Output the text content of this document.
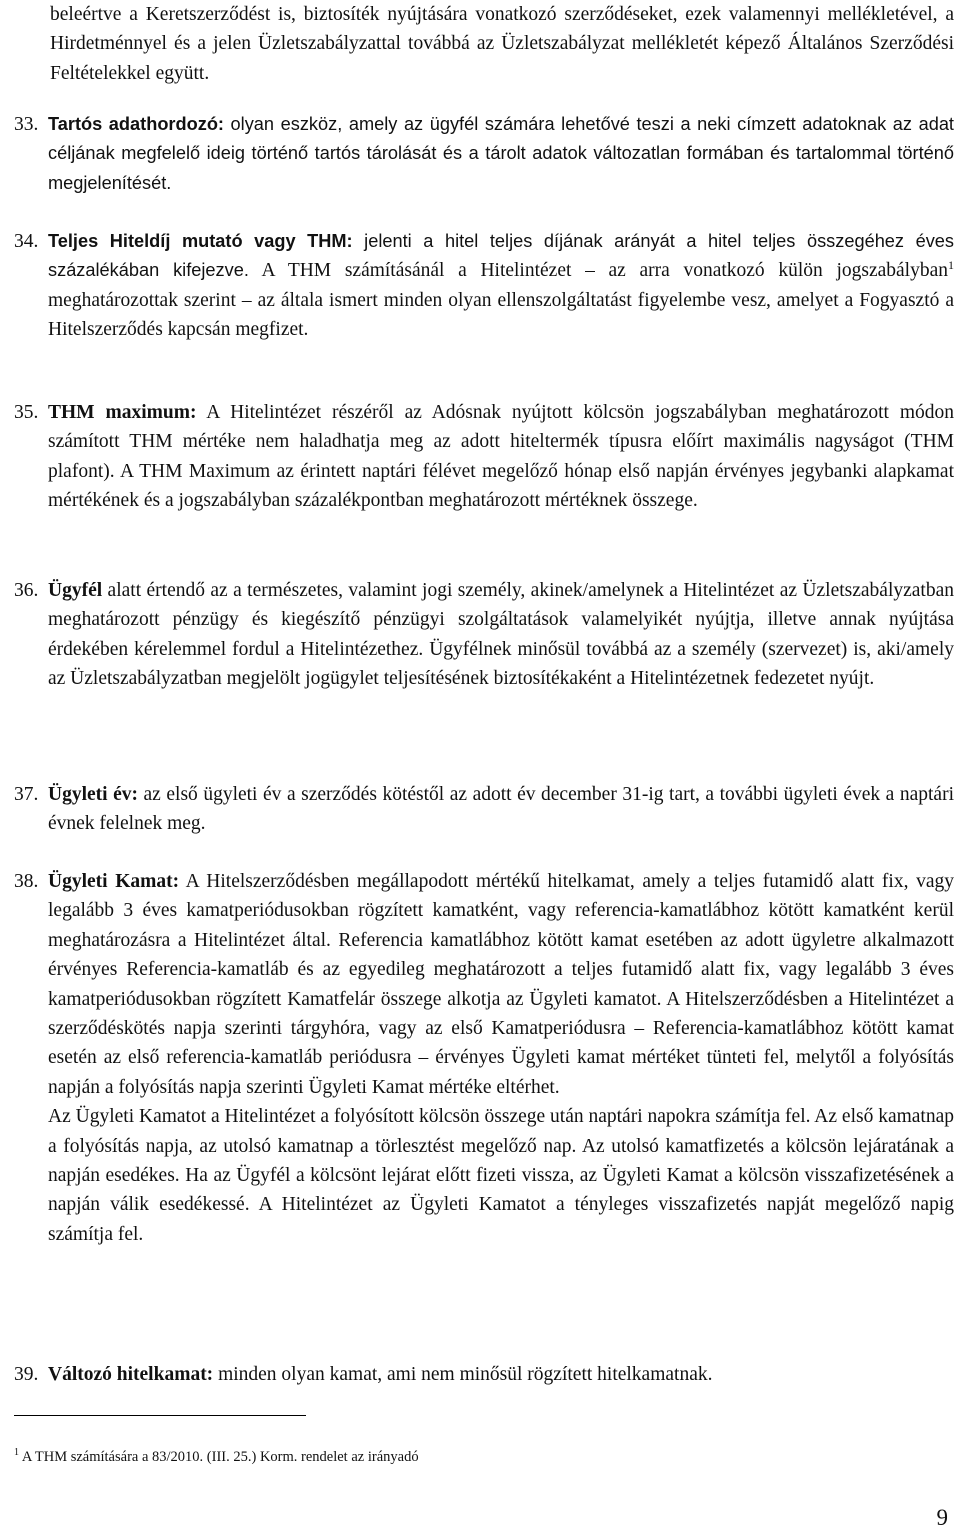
beleértve a Keretszerződést is, biztosíték nyújtására vonatkozó szerződéseket, ezek valamennyi mellékletével, a Hirdetménnyel és a jelen Üzletszabályzattal továbbá az Üzletszabályzat mellékletét képező Általános Szerződési Feltételekkel együtt.

33. Tartós adathordozó: olyan eszköz, amely az ügyfél számára lehetővé teszi a neki címzett adatoknak az adat céljának megfelelő ideig történő tartós tárolását és a tárolt adatok változatlan formában és tartalommal történő megjelenítését.

34. Teljes Hiteldíj mutató vagy THM: jelenti a hitel teljes díjának arányát a hitel teljes összegéhez éves százalékában kifejezve. A THM számításánál a Hitelintézet – az arra vonatkozó külön jogszabályban$^1$ meghatározottak szerint – az általa ismert minden olyan ellenszolgáltatást figyelembe vesz, amelyet a Fogyasztó a Hitelszerződés kapcsán megfizet.

35. THM maximum: A Hitelintézet részéről az Adósnak nyújtott kölcsön jogszabályban meghatározott módon számított THM mértéke nem haladhatja meg az adott hiteltermék típusra előírt maximális nagyságot (THM plafont). A THM Maximum az érintett naptári félévet megelőző hónap első napján érvényes jegybanki alapkamat mértékének és a jogszabályban százalékpontban meghatározott mértéknek összege.

36. Ügyfél alatt értendő az a természetes, valamint jogi személy, akinek/amelynek a Hitelintézet az Üzletszabályzatban meghatározott pénzügy és kiegészítő pénzügyi szolgáltatások valamelyikét nyújtja, illetve annak nyújtása érdekében kérelemmel fordul a Hitelintézethez. Ügyfélnek minősül továbbá az a személy (szervezet) is, aki/amely az Üzletszabályzatban megjelölt jogügylet teljesítésének biztosítékaként a Hitelintézetnek fedezetet nyújt.

37. Ügyleti év: az első ügyleti év a szerződés kötéstől az adott év december 31-ig tart, a további ügyleti évek a naptári évnek felelnek meg.

38. Ügyleti Kamat: A Hitelszerződésben megállapodott mértékű hitelkamat, amely a teljes futamidő alatt fix, vagy legalább 3 éves kamatperiódusokban rögzített kamatként, vagy referencia-kamatlábhoz kötött kamatként kerül meghatározásra a Hitelintézet által. Referencia kamatlábhoz kötött kamat esetében az adott ügyletre alkalmazott érvényes Referencia-kamatláb és az egyedileg meghatározott a teljes futamidő alatt fix, vagy legalább 3 éves kamatperiódusokban rögzített Kamatfelár összege alkotja az Ügyleti kamatot. A Hitelszerződésben a Hitelintézet a szerződéskötés napja szerinti tárgyhóra, vagy az első Kamatperiódusra – Referencia-kamatlábhoz kötött kamat esetén az első referencia-kamatláb periódusra – érvényes Ügyleti kamat mértéket tünteti fel, melytől a folyósítás napján a folyósítás napja szerinti Ügyleti Kamat mértéke eltérhet.

Az Ügyleti Kamatot a Hitelintézet a folyósított kölcsön összege után naptári napokra számítja fel. Az első kamatnap a folyósítás napja, az utolsó kamatnap a törlesztést megelőző nap. Az utolsó kamatfizetés a kölcsön lejáratának a napján esedékes. Ha az Ügyfél a kölcsönt lejárat előtt fizeti vissza, az Ügyleti Kamat a kölcsön visszafizetésének a napján válik esedékessé. A Hitelintézet az Ügyleti Kamatot a tényleges visszafizetés napját megelőző napig számítja fel.

39. Változó hitelkamat: minden olyan kamat, ami nem minősül rögzített hitelkamatnak.

$^1$ A THM számítására a 83/2010. (III. 25.) Korm. rendelet az irányadó
9
